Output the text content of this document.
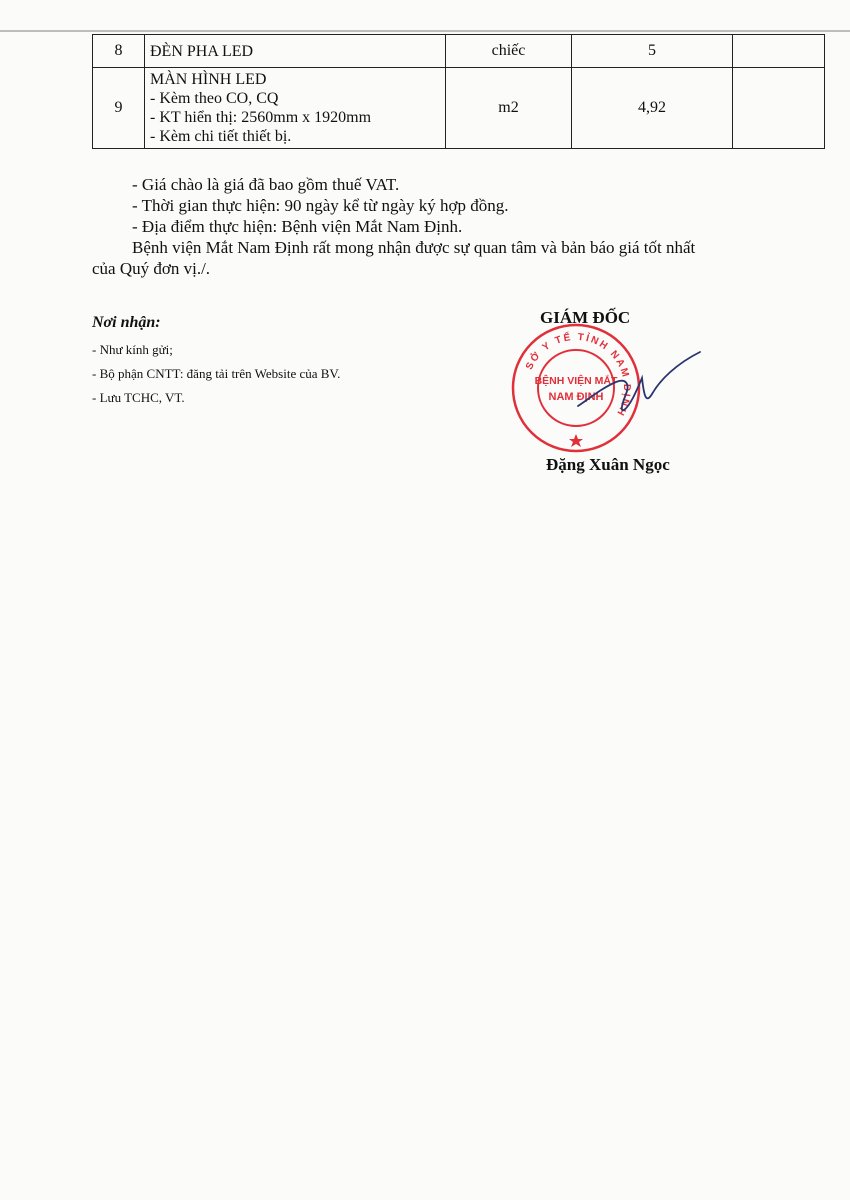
8	ĐÈN PHA LED	chiếc	5	
9	MÀN HÌNH LED
- Kèm theo CO, CQ
- KT hiển thị: 2560mm x 1920mm
- Kèm chi tiết thiết bị.	m2	4,92	
- Giá chào là giá đã bao gồm thuế VAT.
- Thời gian thực hiện: 90 ngày kể từ ngày ký hợp đồng.
- Địa điểm thực hiện: Bệnh viện Mắt Nam Định.
Bệnh viện Mắt Nam Định rất mong nhận được sự quan tâm và bản báo giá tốt nhất
của Quý đơn vị./.
Nơi nhận:
- Như kính gửi;
- Bộ phận CNTT: đăng tải trên Website của BV.
- Lưu TCHC, VT.
SỞ Y TẾ TỈNH NAM ĐỊNH
BỆNH VIỆN MẮT
NAM ĐỊNH
GIÁM ĐỐC
Đặng Xuân Ngọc
